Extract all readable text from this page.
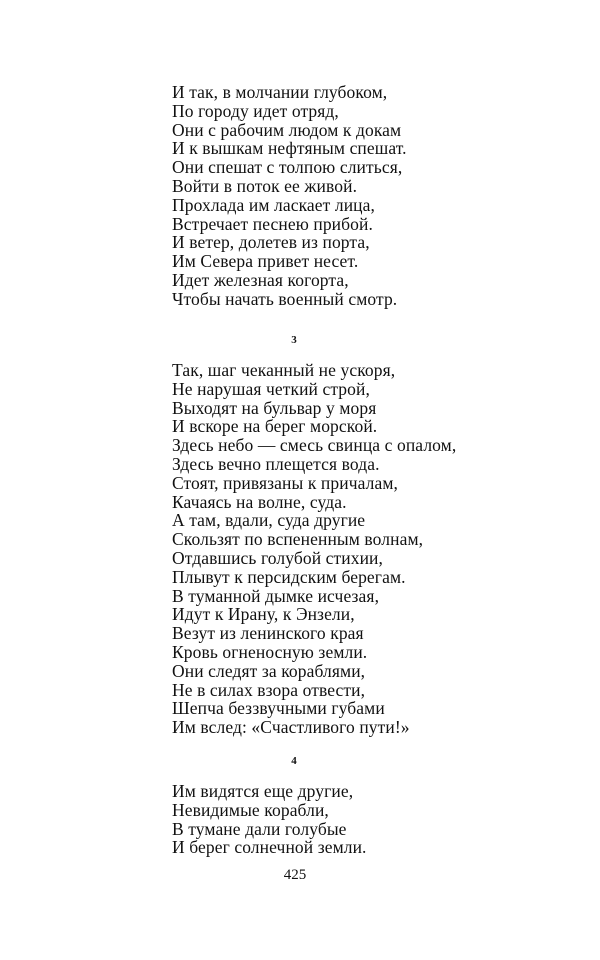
И так, в молчании глубоком,
По городу идет отряд,
Они с рабочим людом к докам
И к вышкам нефтяным спешат.
Они спешат с толпою слиться,
Войти в поток ее живой.
Прохлада им ласкает лица,
Встречает песнею прибой.
И ветер, долетев из порта,
Им Севера привет несет.
Идет железная когорта,
Чтобы начать военный смотр.
3
Так, шаг чеканный не ускоря,
Не нарушая четкий строй,
Выходят на бульвар у моря
И вскоре на берег морской.
Здесь небо — смесь свинца с опалом,
Здесь вечно плещется вода.
Стоят, привязаны к причалам,
Качаясь на волне, суда.
А там, вдали, суда другие
Скользят по вспененным волнам,
Отдавшись голубой стихии,
Плывут к персидским берегам.
В туманной дымке исчезая,
Идут к Ирану, к Энзели,
Везут из ленинского края
Кровь огненосную земли.
Они следят за кораблями,
Не в силах взора отвести,
Шепча беззвучными губами
Им вслед: «Счастливого пути!»
4
Им видятся еще другие,
Невидимые корабли,
В тумане дали голубые
И берег солнечной земли.
425
